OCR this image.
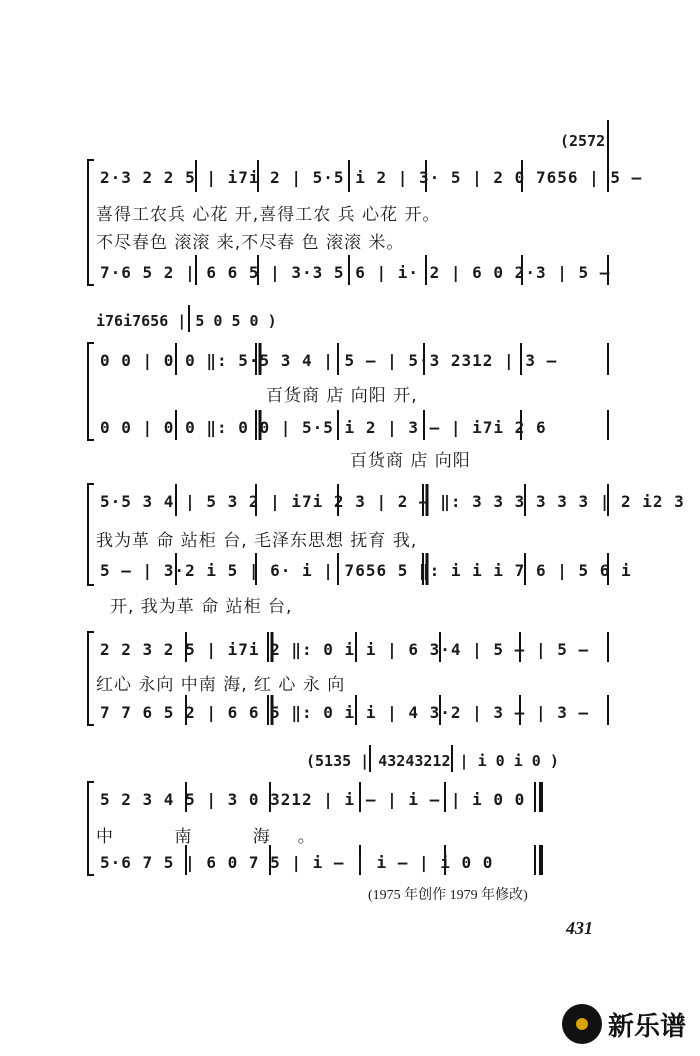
(2572
2·3 2 2 5 | i7i 2 | 5·5 i 2 | 3· 5 | 2 0 7656 | 5 —
喜得工农兵 心花 开,喜得工农 兵 心花 开。
不尽春色 滚滚 来,不尽春 色 滚滚 米。
7·6 5 2 | 6 6 5 | 3·3 5 6 | i· 2 | 6 0 2·3 | 5 —
i76i7656 | 5 0 5 0 )
0 0 | 0 0 ‖: 5·5 3 4 | 5 — | 5·3 2312 | 3 —
百货商 店 向阳 开,
0 0 | 0 0 ‖: 0 0 | 5·5 i 2 | 3 — | i7i 2 6
百货商 店 向阳
5·5 3 4 | 5 3 2 | i7i 2 3 | 2 — ‖: 3 3 3 3 3 3 | 2 i2 3
我为革 命 站柜 台, 毛泽东思想 抚育 我,
5 — | 3·2 i 5 | 6· i | 7656 5 ‖: i i i 7 6 | 5 6 i
开, 我为革 命 站柜 台,
2 2 3 2 5 | i7i 2 ‖: 0 i i | 6 3·4 | 5 — | 5 —
红心 永向 中南 海, 红 心 永 向
7 7 6 5 2 | 6 6 5 ‖: 0 i i | 4 3·2 | 3 — | 3 —
(5135 | 43243212 | i 0 i 0 )
5 2 3 4 5 | 3 0 3212 | i — | i — | i 0 0
中 南 海。
5·6 7 5 | 6 0 7 5 | i — | i — | i 0 0
(1975 年创作 1979 年修改)
431
新乐谱
